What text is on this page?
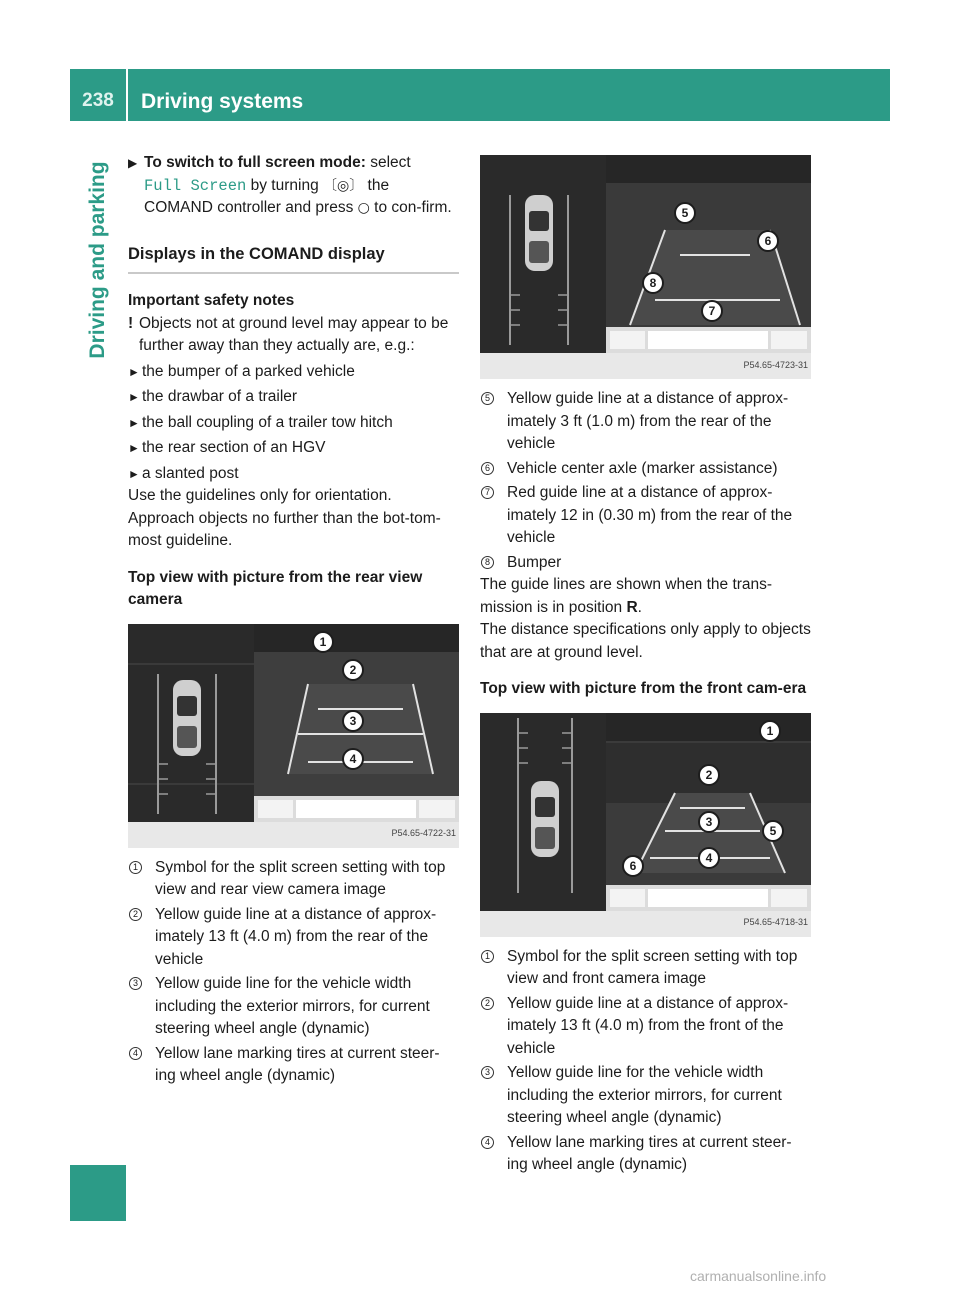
238	Driving systems
Driving and parking ▶ To switch to full screen mode: select
Full Screen by turning 〔◎〕 the COMAND controller and press ○ to con-firm.
Displays in the COMAND display
Important safety notes
! Objects not at ground level may appear to be further away than they actually are, e.g.:
► the bumper of a parked vehicle
► the drawbar of a trailer
► the ball coupling of a trailer tow hitch
► the rear section of an HGV
► a slanted post

Use the guidelines only for orientation.

Approach objects no further than the bot-tom-most guideline.

Top view with picture from the rear view camera
1
2
3
4
P54.65-4722-31
1 Symbol for the split screen setting with top view and rear view camera image
2 Yellow guide line at a distance of approx-imately 13 ft (4.0 m) from the rear of the vehicle
3 Yellow guide line for the vehicle width including the exterior mirrors, for current steering wheel angle (dynamic)
4 Yellow lane marking tires at current steer-ing wheel angle (dynamic)
5
6
7
8
P54.65-4723-31
5 Yellow guide line at a distance of approx-imately 3 ft (1.0 m) from the rear of the vehicle
6 Vehicle center axle (marker assistance)
7 Red guide line at a distance of approx-imately 12 in (0.30 m) from the rear of the vehicle
8 Bumper

The guide lines are shown when the trans-mission is in position R.

The distance specifications only apply to objects that are at ground level.

Top view with picture from the front cam-era
1
2
3
4
5
6
P54.65-4718-31
1 Symbol for the split screen setting with top view and front camera image
2 Yellow guide line at a distance of approx-imately 13 ft (4.0 m) from the front of the vehicle
3 Yellow guide line for the vehicle width including the exterior mirrors, for current steering wheel angle (dynamic)
4 Yellow lane marking tires at current steer-ing wheel angle (dynamic)
carmanualsonline.info
